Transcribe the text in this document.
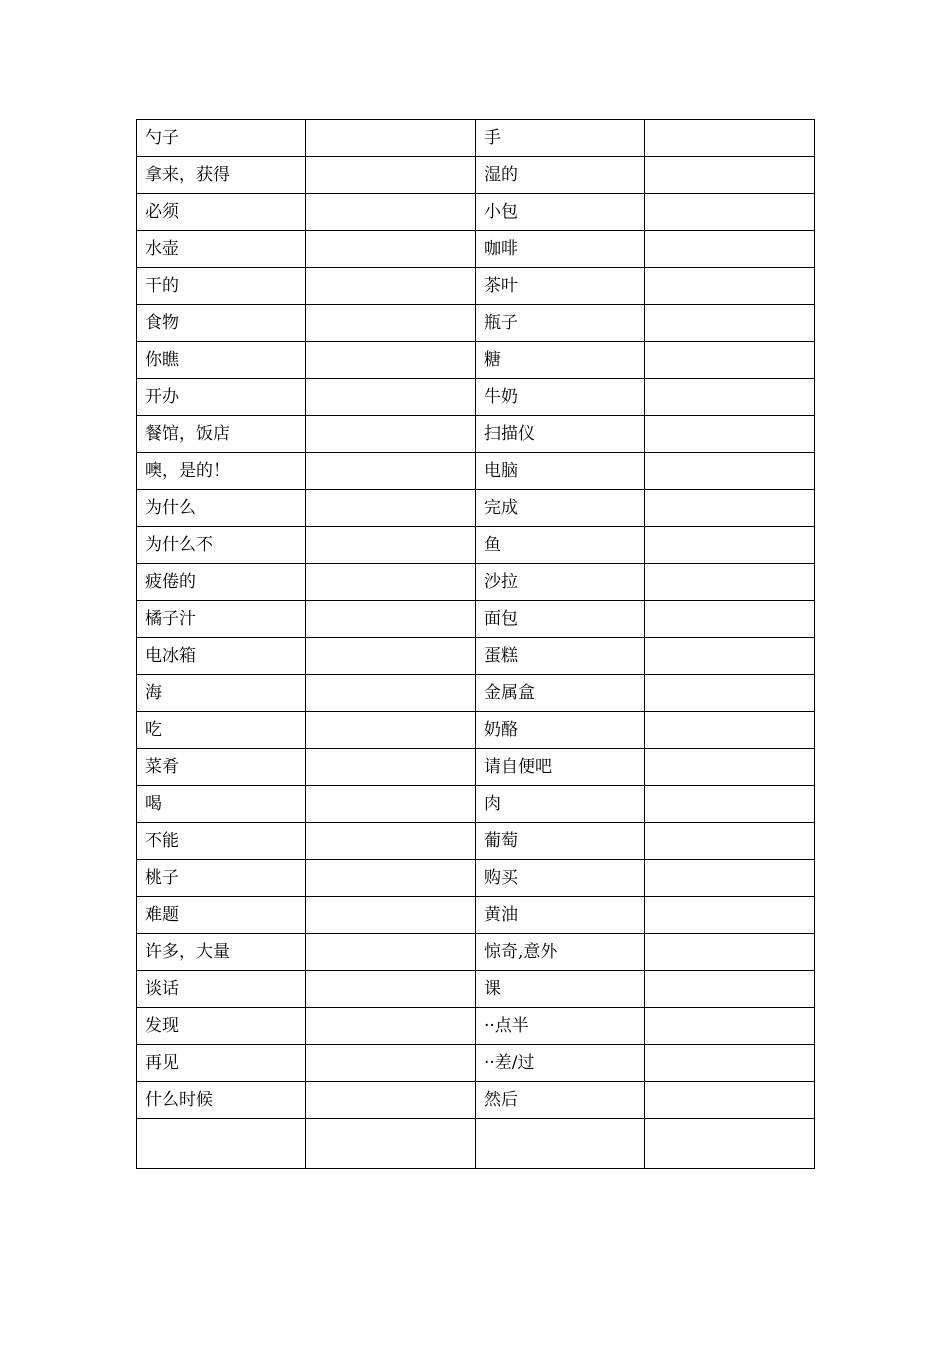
勺子		手	
拿来，获得		湿的	
必须		小包	
水壶		咖啡	
干的		茶叶	
食物		瓶子	
你瞧		糖	
开办		牛奶	
餐馆，饭店		扫描仪	
噢，是的！		电脑	
为什么		完成	
为什么不		鱼	
疲倦的		沙拉	
橘子汁		面包	
电冰箱		蛋糕	
海		金属盒	
吃		奶酪	
菜肴		请自便吧	
喝		肉	
不能		葡萄	
桃子		购买	
难题		黄油	
许多，大量		惊奇,意外	
谈话		课	
发现		··点半	
再见		··差/过	
什么时候		然后	
